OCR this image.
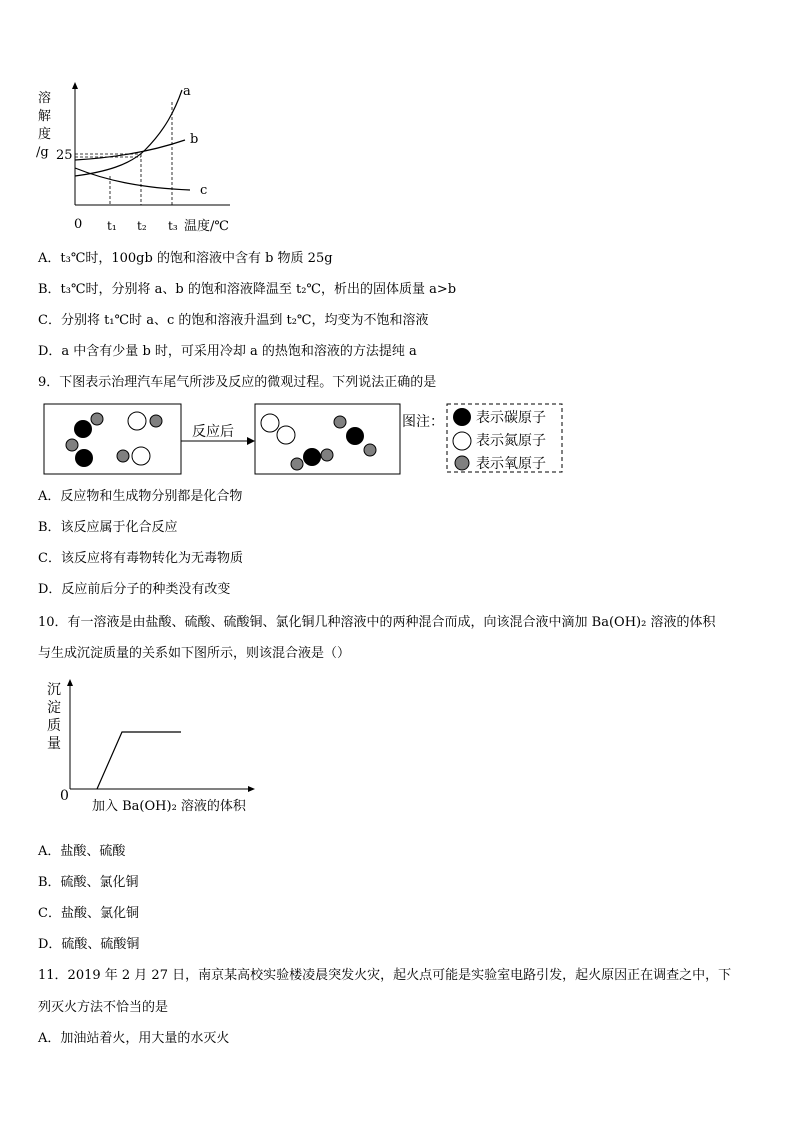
溶
解
度
/g 25
a
b
c
0 t₁ t₂ t₃ 温度/℃
A．t₃℃时，100gb 的饱和溶液中含有 b 物质 25g
B．t₃℃时，分别将 a、b 的饱和溶液降温至 t₂℃，析出的固体质量 a>b
C．分别将 t₁℃时 a、c 的饱和溶液升温到 t₂℃，均变为不饱和溶液
D．a 中含有少量 b 时，可采用冷却 a 的热饱和溶液的方法提纯 a
9．下图表示治理汽车尾气所涉及反应的微观过程。下列说法正确的是
反应后
图注： 表示碳原子
表示氮原子
表示氧原子
A．反应物和生成物分别都是化合物
B．该反应属于化合反应
C．该反应将有毒物转化为无毒物质
D．反应前后分子的种类没有改变
10．有一溶液是由盐酸、硫酸、硫酸铜、氯化铜几种溶液中的两种混合而成，向该混合液中滴加 Ba(OH)₂ 溶液的体积
与生成沉淀质量的关系如下图所示，则该混合液是（）
沉
淀
质
量
0
加入 Ba(OH)₂ 溶液的体积
A．盐酸、硫酸
B．硫酸、氯化铜
C．盐酸、氯化铜
D．硫酸、硫酸铜
11．2019 年 2 月 27 日，南京某高校实验楼凌晨突发火灾，起火点可能是实验室电路引发，起火原因正在调查之中，下
列灭火方法不恰当的是
A．加油站着火，用大量的水灭火
